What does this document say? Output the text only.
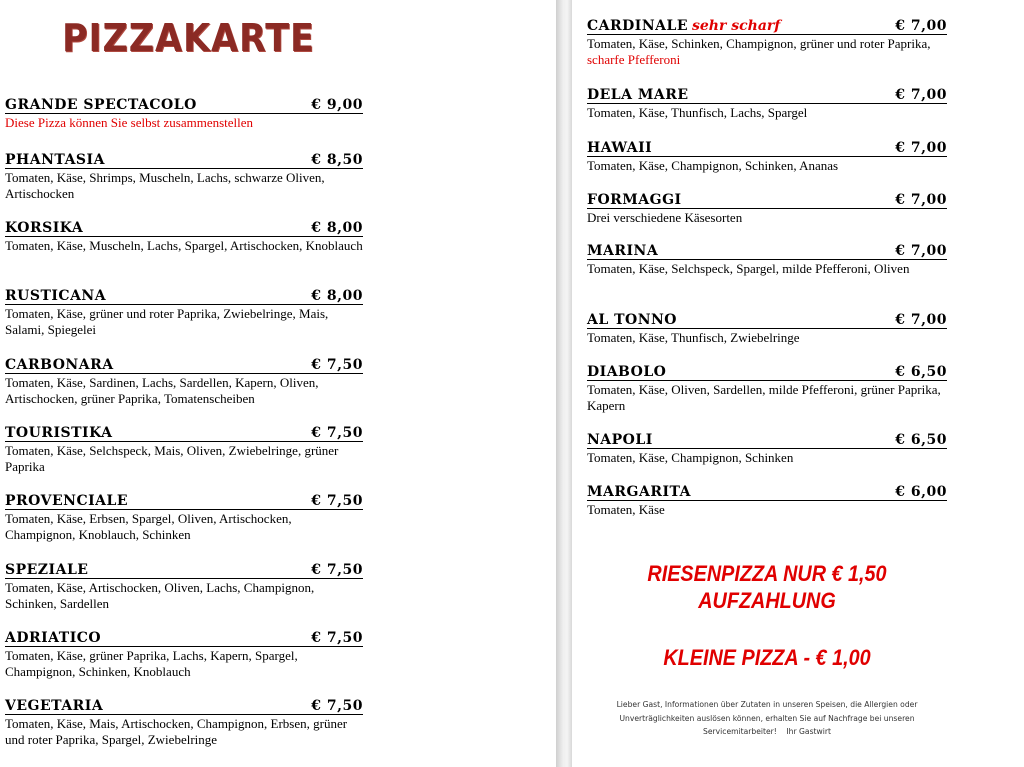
PIZZAKARTE
GRANDE SPECTACOLO	€ 9,00
Diese Pizza können Sie selbst zusammenstellen
PHANTASIA	€ 8,50
Tomaten, Käse, Shrimps, Muscheln, Lachs, schwarze Oliven, Artischocken
KORSIKA	€ 8,00
Tomaten, Käse, Muscheln, Lachs, Spargel, Artischocken, Knoblauch
RUSTICANA	€ 8,00
Tomaten, Käse, grüner und roter Paprika, Zwiebelringe, Mais, Salami, Spiegelei
CARBONARA	€ 7,50
Tomaten, Käse, Sardinen, Lachs, Sardellen, Kapern, Oliven, Artischocken, grüner Paprika, Tomatenscheiben
TOURISTIKA	€ 7,50
Tomaten, Käse, Selchspeck, Mais, Oliven, Zwiebelringe, grüner Paprika
PROVENCIALE	€ 7,50
Tomaten, Käse, Erbsen, Spargel, Oliven, Artischocken, Champignon, Knoblauch, Schinken
SPEZIALE	€ 7,50
Tomaten, Käse, Artischocken, Oliven, Lachs, Champignon, Schinken, Sardellen
ADRIATICO	€ 7,50
Tomaten, Käse, grüner Paprika, Lachs, Kapern, Spargel, Champignon, Schinken, Knoblauch
VEGETARIA	€ 7,50
Tomaten, Käse, Mais, Artischocken, Champignon, Erbsen, grüner und roter Paprika, Spargel, Zwiebelringe
CARDINALE sehr scharf	€ 7,00
Tomaten, Käse, Schinken, Champignon, grüner und roter Paprika, scharfe Pfefferoni
DELA MARE	€ 7,00
Tomaten, Käse, Thunfisch, Lachs, Spargel
HAWAII	€ 7,00
Tomaten, Käse, Champignon, Schinken, Ananas
FORMAGGI	€ 7,00
Drei verschiedene Käsesorten
MARINA	€ 7,00
Tomaten, Käse, Selchspeck, Spargel, milde Pfefferoni, Oliven
AL TONNO	€ 7,00
Tomaten, Käse, Thunfisch, Zwiebelringe
DIABOLO	€ 6,50
Tomaten, Käse, Oliven, Sardellen, milde Pfefferoni, grüner Paprika, Kapern
NAPOLI	€ 6,50
Tomaten, Käse, Champignon, Schinken
MARGARITA	€ 6,00
Tomaten, Käse
RIESENPIZZA NUR € 1,50
AUFZAHLUNG
KLEINE PIZZA - € 1,00
Lieber Gast, Informationen über Zutaten in unseren Speisen, die Allergien oder
Unverträglichkeiten auslösen können, erhalten Sie auf Nachfrage bei unseren
Servicemitarbeiter!    Ihr Gastwirt
